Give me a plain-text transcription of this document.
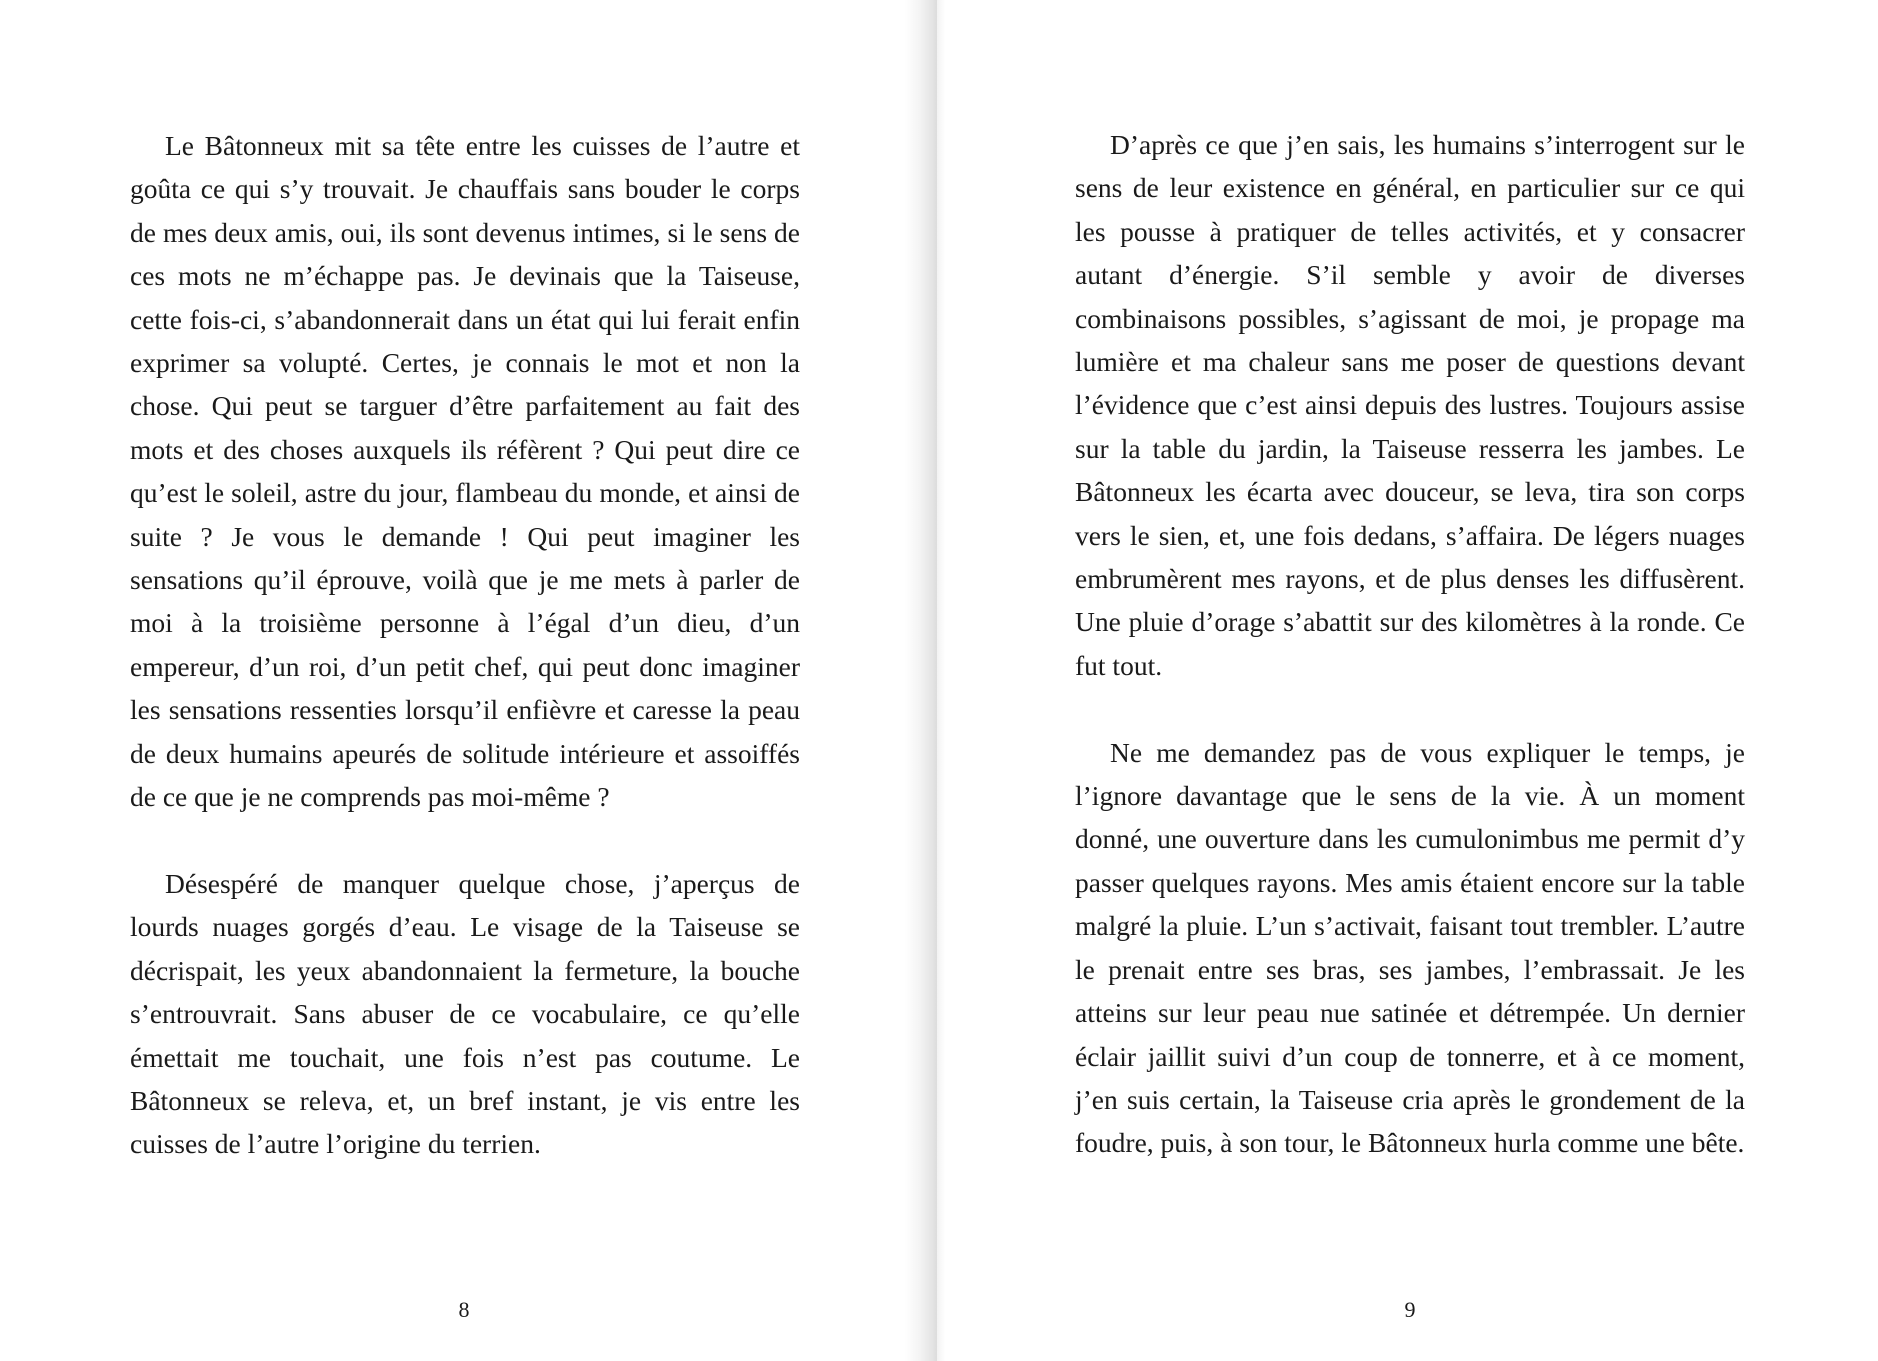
Le Bâtonneux mit sa tête entre les cuisses de l’autre et goûta ce qui s’y trouvait. Je chauffais sans bouder le corps de mes deux amis, oui, ils sont devenus intimes, si le sens de ces mots ne m’échappe pas. Je devinais que la Taiseuse, cette fois-ci, s’abandonnerait dans un état qui lui ferait enfin exprimer sa volupté. Certes, je connais le mot et non la chose. Qui peut se targuer d’être parfaitement au fait des mots et des choses auxquels ils réfèrent ? Qui peut dire ce qu’est le soleil, astre du jour, flambeau du monde, et ainsi de suite ? Je vous le demande ! Qui peut imaginer les sensations qu’il éprouve, voilà que je me mets à parler de moi à la troisième personne à l’égal d’un dieu, d’un empereur, d’un roi, d’un petit chef, qui peut donc imaginer les sensations ressenties lorsqu’il enfièvre et caresse la peau de deux humains apeurés de solitude intérieure et assoiffés de ce que je ne comprends pas moi-même ?

Désespéré de manquer quelque chose, j’aperçus de lourds nuages gorgés d’eau. Le visage de la Taiseuse se décrispait, les yeux abandonnaient la fermeture, la bouche s’entrouvrait. Sans abuser de ce vocabulaire, ce qu’elle émettait me touchait, une fois n’est pas coutume. Le Bâtonneux se releva, et, un bref instant, je vis entre les cuisses de l’autre l’origine du terrien.

8

D’après ce que j’en sais, les humains s’interrogent sur le sens de leur existence en général, en particulier sur ce qui les pousse à pratiquer de telles activités, et y consacrer autant d’énergie. S’il semble y avoir de diverses combinaisons possibles, s’agissant de moi, je propage ma lumière et ma chaleur sans me poser de questions devant l’évidence que c’est ainsi depuis des lustres. Toujours assise sur la table du jardin, la Taiseuse resserra les jambes. Le Bâtonneux les écarta avec douceur, se leva, tira son corps vers le sien, et, une fois dedans, s’affaira. De légers nuages embrumèrent mes rayons, et de plus denses les diffusèrent. Une pluie d’orage s’abattit sur des kilomètres à la ronde. Ce fut tout.

Ne me demandez pas de vous expliquer le temps, je l’ignore davantage que le sens de la vie. À un moment donné, une ouverture dans les cumulonimbus me permit d’y passer quelques rayons. Mes amis étaient encore sur la table malgré la pluie. L’un s’activait, faisant tout trembler. L’autre le prenait entre ses bras, ses jambes, l’embrassait. Je les atteins sur leur peau nue satinée et détrempée. Un dernier éclair jaillit suivi d’un coup de tonnerre, et à ce moment, j’en suis certain, la Taiseuse cria après le grondement de la foudre, puis, à son tour, le Bâtonneux hurla comme une bête.

9
